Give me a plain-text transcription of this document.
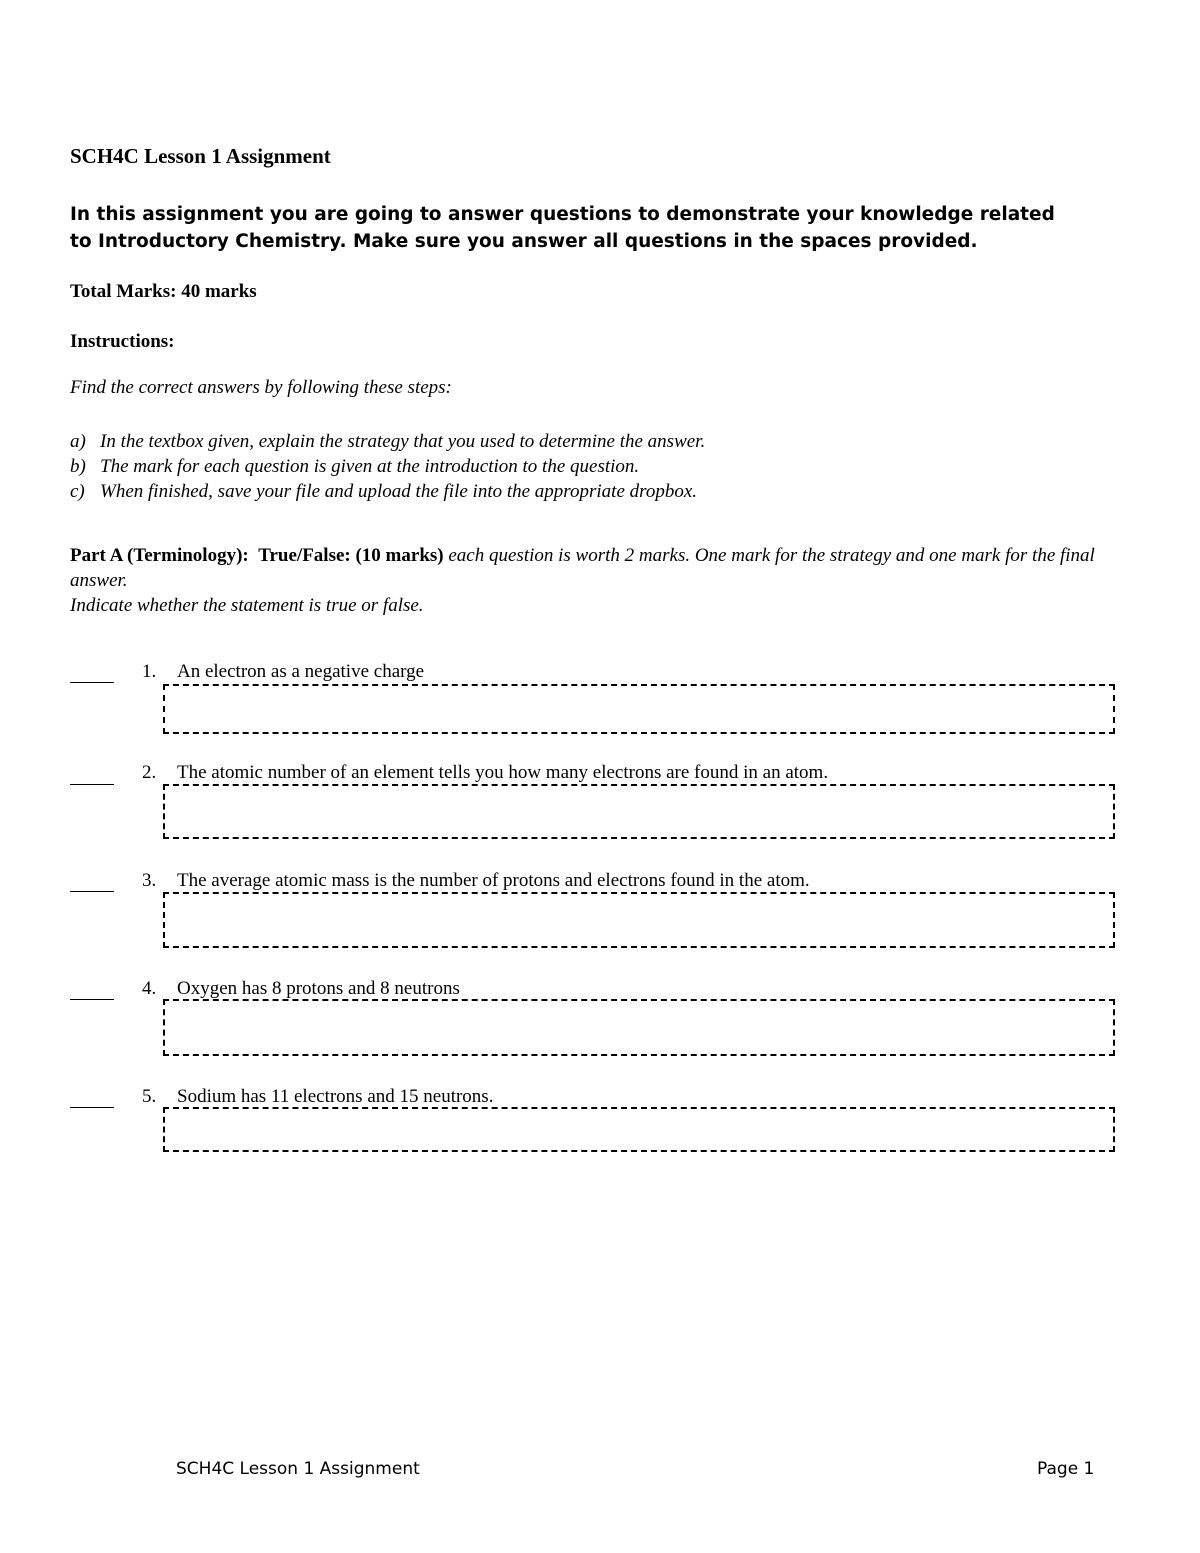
SCH4C Lesson 1 Assignment
In this assignment you are going to answer questions to demonstrate your knowledge related to Introductory Chemistry. Make sure you answer all questions in the spaces provided.
Total Marks: 40 marks
Instructions:
Find the correct answers by following these steps:
a) In the textbox given, explain the strategy that you used to determine the answer.
b) The mark for each question is given at the introduction to the question.
c) When finished, save your file and upload the file into the appropriate dropbox.
Part A (Terminology): True/False: (10 marks) each question is worth 2 marks. One mark for the strategy and one mark for the final answer.
Indicate whether the statement is true or false.
1. An electron as a negative charge
2. The atomic number of an element tells you how many electrons are found in an atom.
3. The average atomic mass is the number of protons and electrons found in the atom.
4. Oxygen has 8 protons and 8 neutrons
5. Sodium has 11 electrons and 15 neutrons.
SCH4C Lesson 1 Assignment	Page 1
